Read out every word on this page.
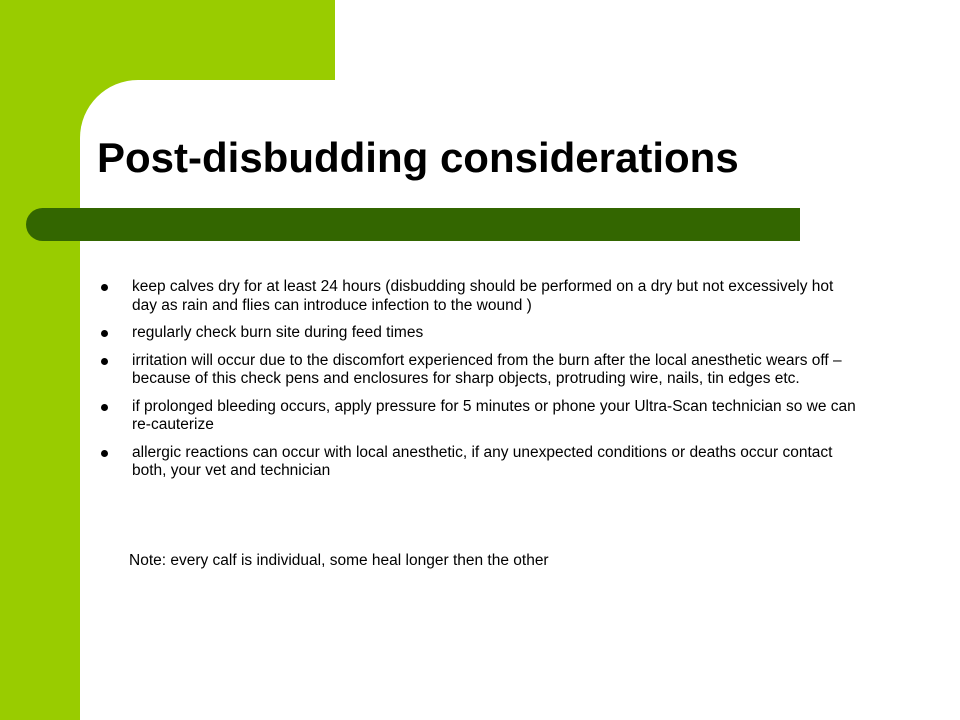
Post-disbudding considerations
keep calves dry for at least 24 hours (disbudding should be performed on a dry but not excessively hot day as rain and flies can introduce infection to the wound )
regularly check burn site during feed times
irritation will occur due to the discomfort experienced from the burn after the local anesthetic wears off – because of this check pens and enclosures for sharp objects, protruding wire, nails, tin edges etc.
if prolonged bleeding occurs, apply pressure for 5 minutes or phone your Ultra-Scan technician so we can re-cauterize
allergic reactions can occur with local anesthetic, if any unexpected conditions or deaths occur contact both, your vet and technician

Note: every calf is individual, some heal longer then the other
